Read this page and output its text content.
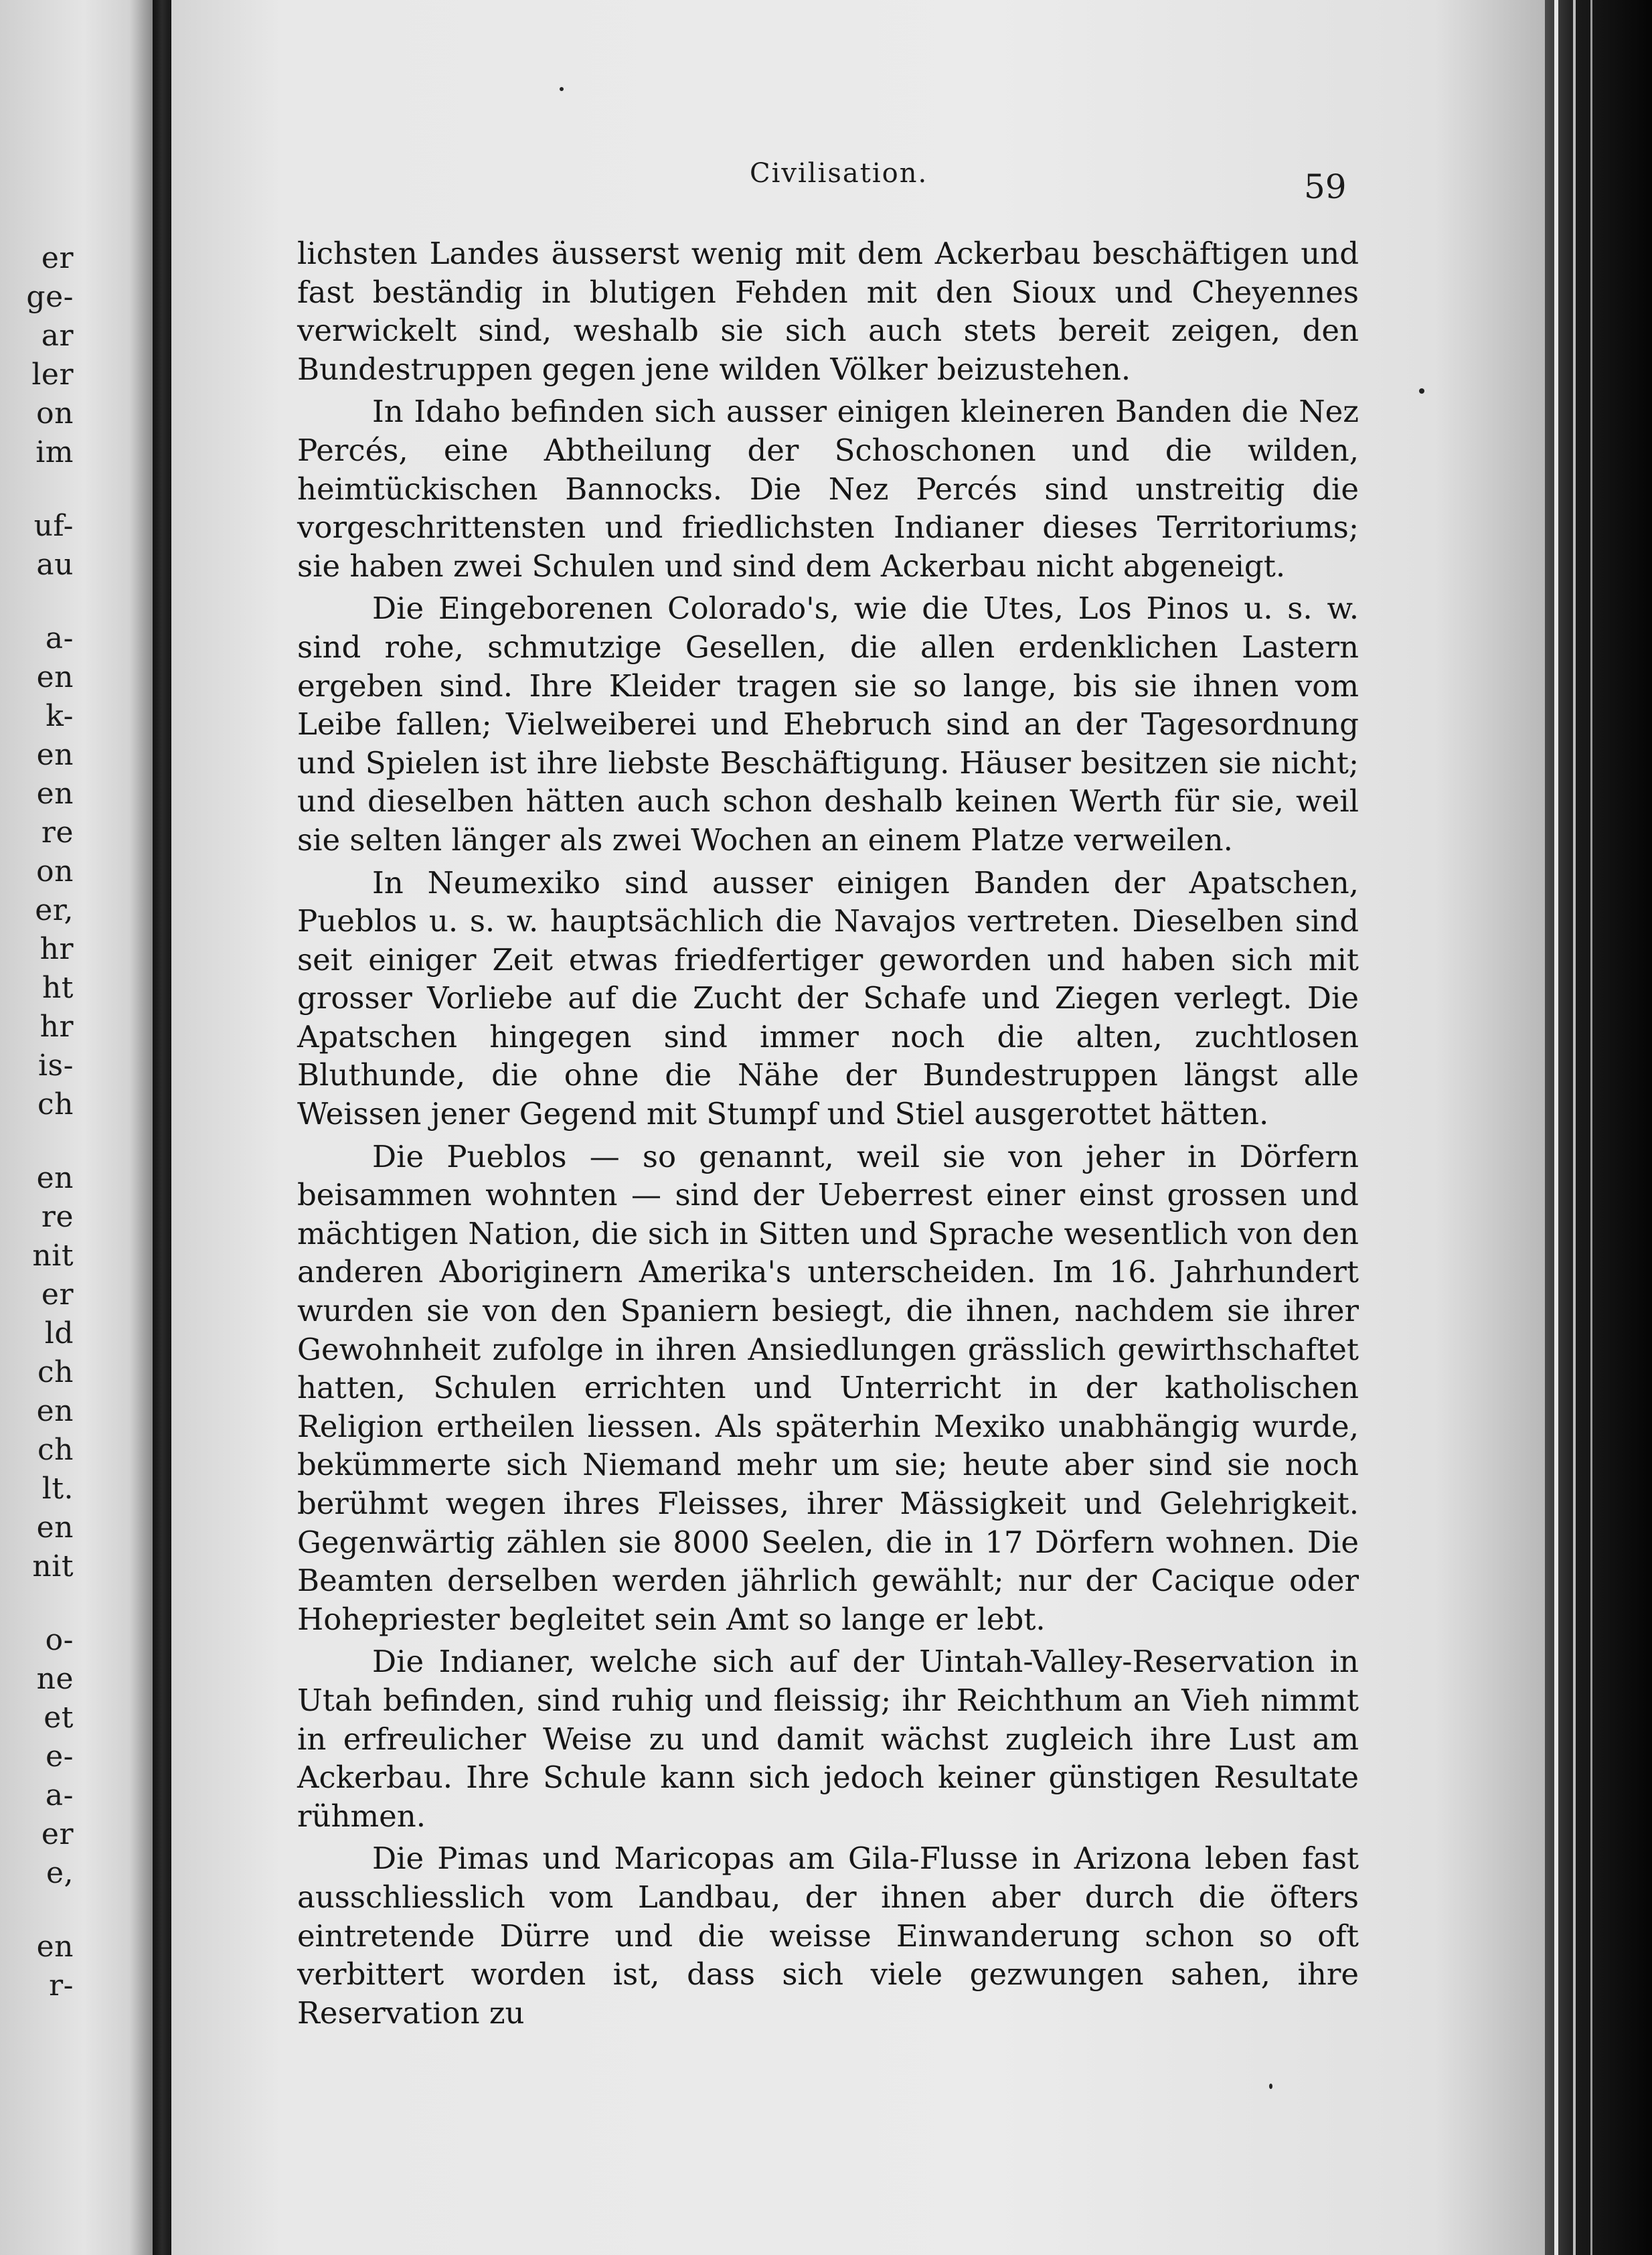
er
ge-
ar
ler
on
im
uf-
au
a-
en
k-
en
en
re
on
er,
hr
ht
hr
is-
ch
en
re
nit
er
ld
ch
en
ch
lt.
en
nit
o-
ne
et
e-
a-
er
e,
en
r-
Civilisation.	59

lichsten Landes äusserst wenig mit dem Ackerbau beschäftigen und fast beständig in blutigen Fehden mit den Sioux und Cheyennes verwickelt sind, weshalb sie sich auch stets bereit zeigen, den Bundestruppen gegen jene wilden Völker beizustehen.

In Idaho befinden sich ausser einigen kleineren Banden die Nez Percés, eine Abtheilung der Schoschonen und die wilden, heimtückischen Bannocks. Die Nez Percés sind unstreitig die vorgeschrittensten und friedlichsten Indianer dieses Territoriums; sie haben zwei Schulen und sind dem Ackerbau nicht abgeneigt.

Die Eingeborenen Colorado's, wie die Utes, Los Pinos u. s. w. sind rohe, schmutzige Gesellen, die allen erdenklichen Lastern ergeben sind. Ihre Kleider tragen sie so lange, bis sie ihnen vom Leibe fallen; Vielweiberei und Ehebruch sind an der Tagesordnung und Spielen ist ihre liebste Beschäftigung. Häuser besitzen sie nicht; und dieselben hätten auch schon deshalb keinen Werth für sie, weil sie selten länger als zwei Wochen an einem Platze verweilen.

In Neumexiko sind ausser einigen Banden der Apatschen, Pueblos u. s. w. hauptsächlich die Navajos vertreten. Dieselben sind seit einiger Zeit etwas friedfertiger geworden und haben sich mit grosser Vorliebe auf die Zucht der Schafe und Ziegen verlegt. Die Apatschen hingegen sind immer noch die alten, zuchtlosen Bluthunde, die ohne die Nähe der Bundestruppen längst alle Weissen jener Gegend mit Stumpf und Stiel ausgerottet hätten.

Die Pueblos — so genannt, weil sie von jeher in Dörfern beisammen wohnten — sind der Ueberrest einer einst grossen und mächtigen Nation, die sich in Sitten und Sprache wesentlich von den anderen Aboriginern Amerika's unterscheiden. Im 16. Jahrhundert wurden sie von den Spaniern besiegt, die ihnen, nachdem sie ihrer Gewohnheit zufolge in ihren Ansiedlungen grässlich gewirthschaftet hatten, Schulen errichten und Unterricht in der katholischen Religion ertheilen liessen. Als späterhin Mexiko unabhängig wurde, bekümmerte sich Niemand mehr um sie; heute aber sind sie noch berühmt wegen ihres Fleisses, ihrer Mässigkeit und Gelehrigkeit. Gegenwärtig zählen sie 8000 Seelen, die in 17 Dörfern wohnen. Die Beamten derselben werden jährlich gewählt; nur der Cacique oder Hohepriester begleitet sein Amt so lange er lebt.

Die Indianer, welche sich auf der Uintah-Valley-Reservation in Utah befinden, sind ruhig und fleissig; ihr Reichthum an Vieh nimmt in erfreulicher Weise zu und damit wächst zugleich ihre Lust am Ackerbau. Ihre Schule kann sich jedoch keiner günstigen Resultate rühmen.

Die Pimas und Maricopas am Gila-Flusse in Arizona leben fast ausschliesslich vom Landbau, der ihnen aber durch die öfters eintretende Dürre und die weisse Einwanderung schon so oft verbittert worden ist, dass sich viele gezwungen sahen, ihre Reservation zu
